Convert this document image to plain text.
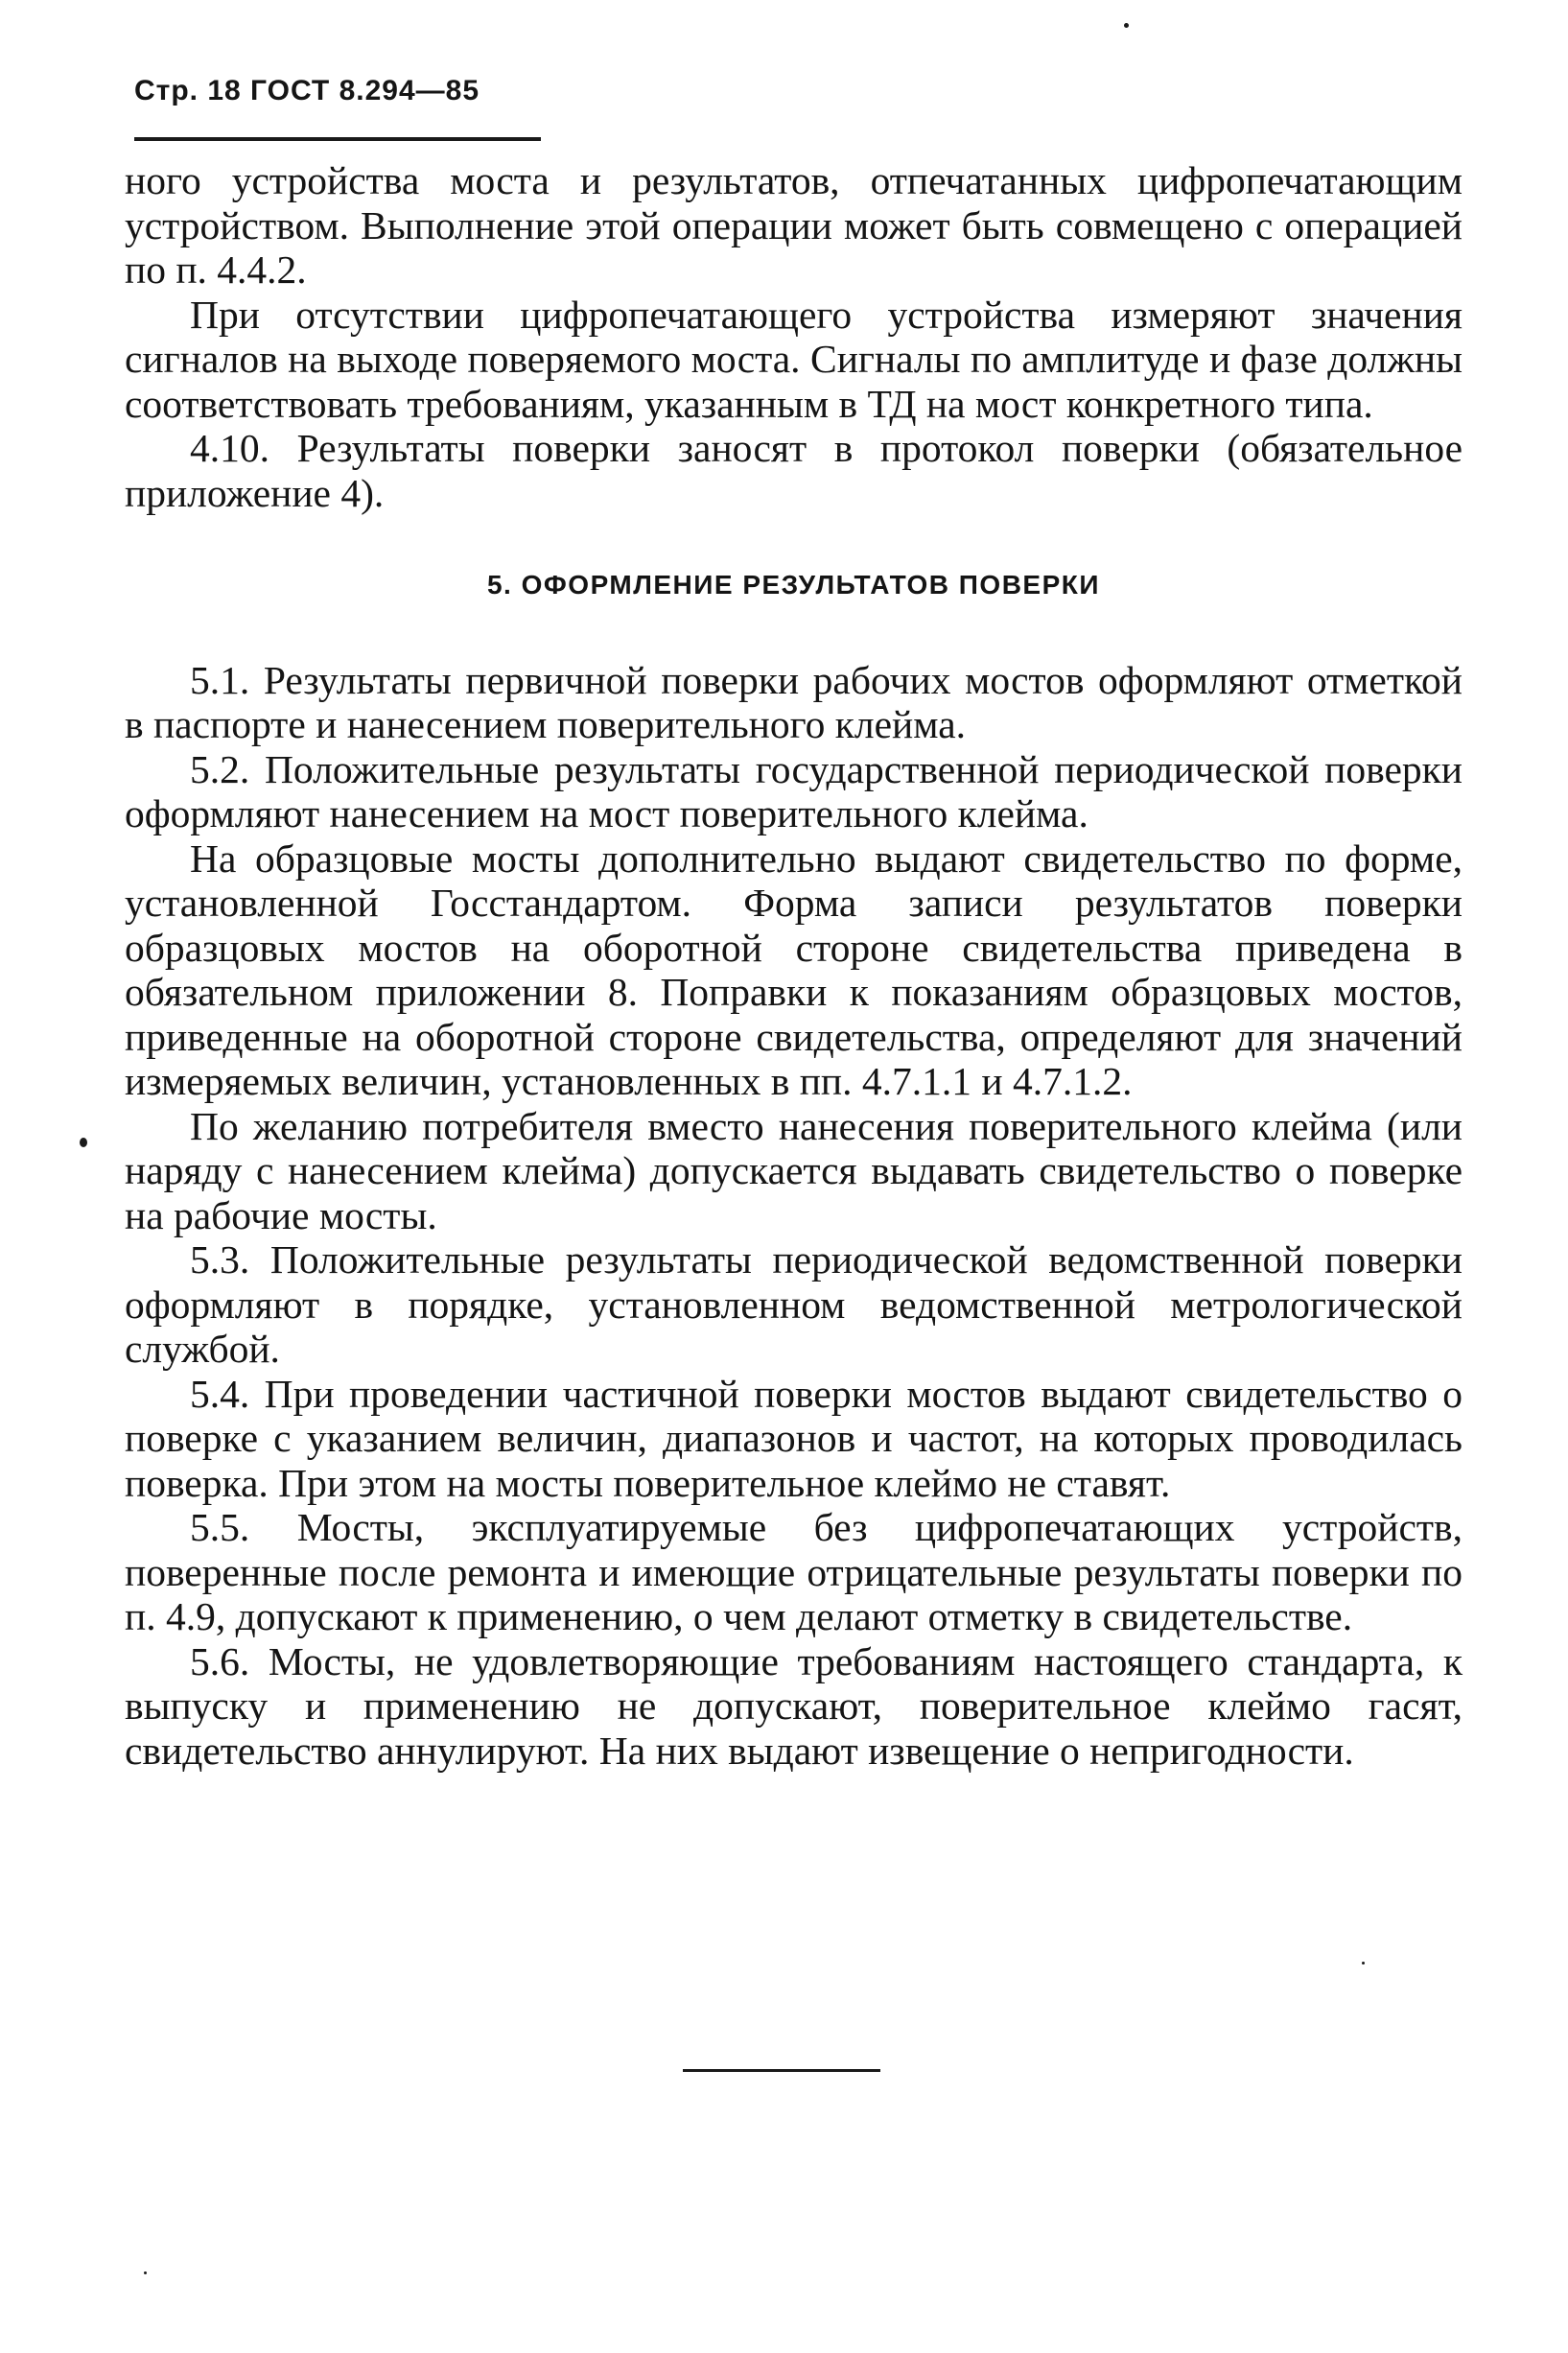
Стр. 18 ГОСТ 8.294—85

ного устройства моста и результатов, отпечатанных цифропечатающим устройством. Выполнение этой операции может быть совмещено с операцией по п. 4.4.2.

При отсутствии цифропечатающего устройства измеряют значения сигналов на выходе поверяемого моста. Сигналы по амплитуде и фазе должны соответствовать требованиям, указанным в ТД на мост конкретного типа.

4.10. Результаты поверки заносят в протокол поверки (обязательное приложение 4).

5. ОФОРМЛЕНИЕ РЕЗУЛЬТАТОВ ПОВЕРКИ

5.1. Результаты первичной поверки рабочих мостов оформляют отметкой в паспорте и нанесением поверительного клейма.

5.2. Положительные результаты государственной периодической поверки оформляют нанесением на мост поверительного клейма.

На образцовые мосты дополнительно выдают свидетельство по форме, установленной Госстандартом. Форма записи результатов поверки образцовых мостов на оборотной стороне свидетельства приведена в обязательном приложении 8. Поправки к показаниям образцовых мостов, приведенные на оборотной стороне свидетельства, определяют для значений измеряемых величин, установленных в пп. 4.7.1.1 и 4.7.1.2.

По желанию потребителя вместо нанесения поверительного клейма (или наряду с нанесением клейма) допускается выдавать свидетельство о поверке на рабочие мосты.

5.3. Положительные результаты периодической ведомственной поверки оформляют в порядке, установленном ведомственной метрологической службой.

5.4. При проведении частичной поверки мостов выдают свидетельство о поверке с указанием величин, диапазонов и частот, на которых проводилась поверка. При этом на мосты поверительное клеймо не ставят.

5.5. Мосты, эксплуатируемые без цифропечатающих устройств, поверенные после ремонта и имеющие отрицательные результаты поверки по п. 4.9, допускают к применению, о чем делают отметку в свидетельстве.

5.6. Мосты, не удовлетворяющие требованиям настоящего стандарта, к выпуску и применению не допускают, поверительное клеймо гасят, свидетельство аннулируют. На них выдают извещение о непригодности.
